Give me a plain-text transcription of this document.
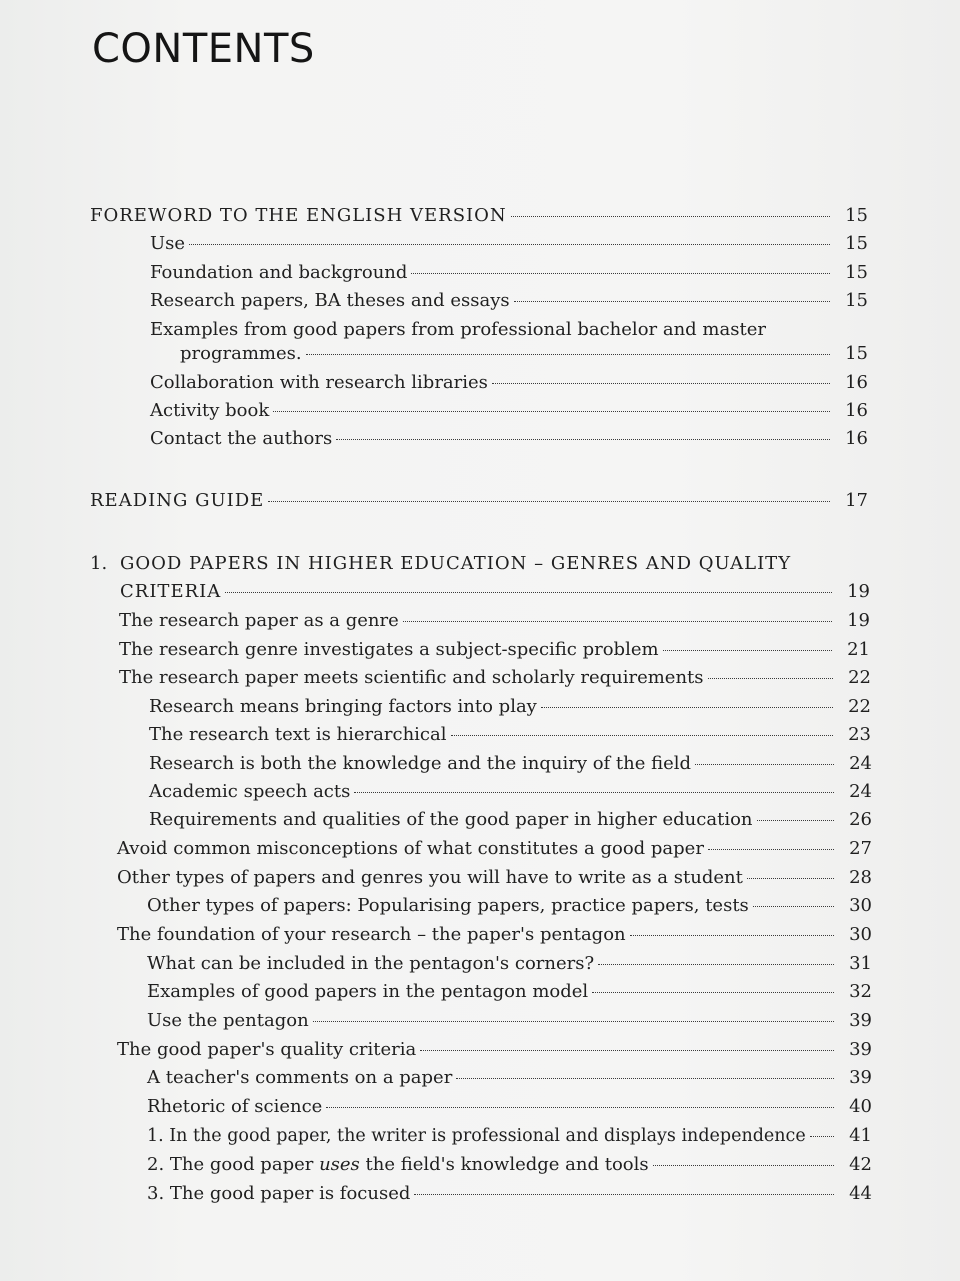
CONTENTS
FOREWORD TO THE ENGLISH VERSION	15
Use	15
Foundation and background	15
Research papers, BA theses and essays	15
Examples from good papers from professional bachelor and master
programmes.	15
Collaboration with research libraries	16
Activity book	16
Contact the authors	16
READING GUIDE	17
1. GOOD PAPERS IN HIGHER EDUCATION – GENRES AND QUALITY
CRITERIA	19
The research paper as a genre	19
The research genre investigates a subject-specific problem	21
The research paper meets scientific and scholarly requirements	22
Research means bringing factors into play	22
The research text is hierarchical	23
Research is both the knowledge and the inquiry of the field	24
Academic speech acts	24
Requirements and qualities of the good paper in higher education	26
Avoid common misconceptions of what constitutes a good paper	27
Other types of papers and genres you will have to write as a student	28
Other types of papers: Popularising papers, practice papers, tests	30
The foundation of your research – the paper's pentagon	30
What can be included in the pentagon's corners?	31
Examples of good papers in the pentagon model	32
Use the pentagon	39
The good paper's quality criteria	39
A teacher's comments on a paper	39
Rhetoric of science	40
1. In the good paper, the writer is professional and displays independence 41
2. The good paper uses the field's knowledge and tools	42
3. The good paper is focused	44
